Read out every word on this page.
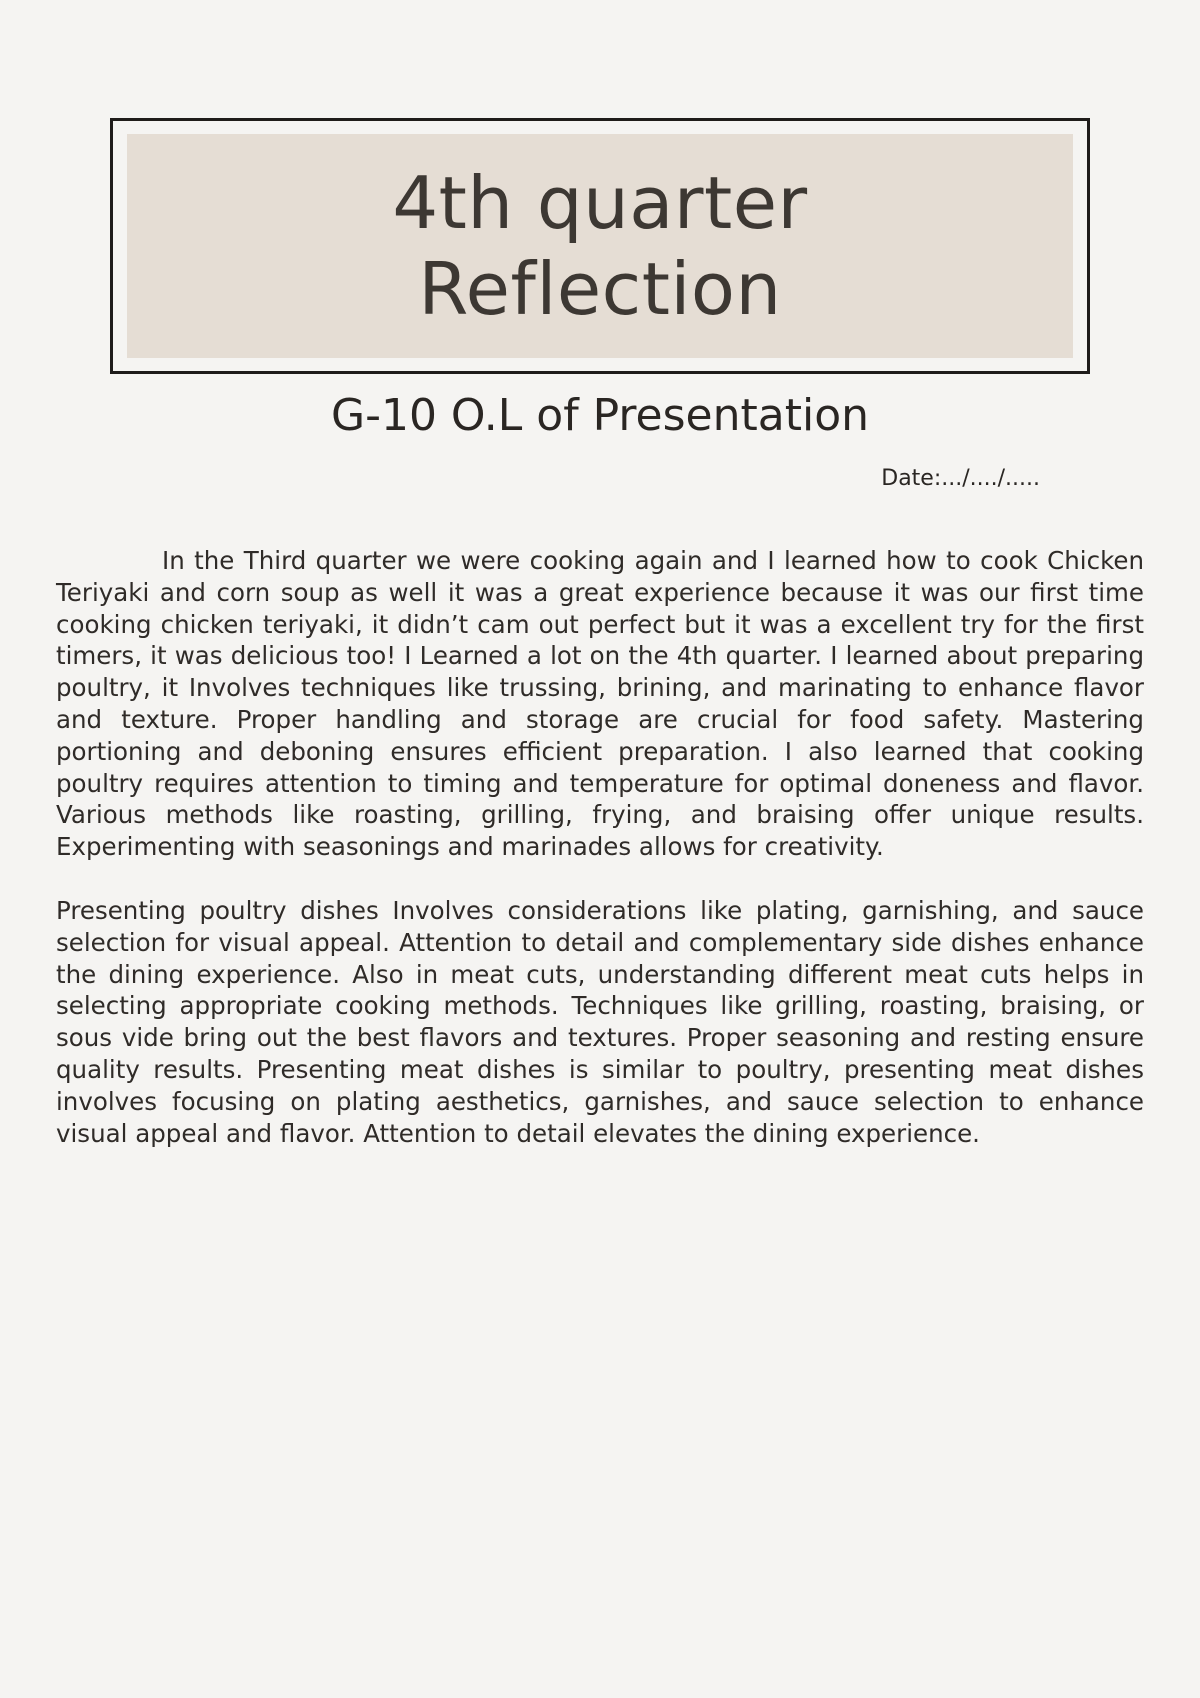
4th quarter
Reflection
G-10 O.L of Presentation
Date:.../..../.....

In the Third quarter we were cooking again and I learned how to cook Chicken Teriyaki and corn soup as well it was a great experience because it was our first time cooking chicken teriyaki, it didn’t cam out perfect but it was a excellent try for the first timers, it was delicious too! I Learned a lot on the 4th quarter. I learned about preparing poultry, it Involves techniques like trussing, brining, and marinating to enhance flavor and texture. Proper handling and storage are crucial for food safety. Mastering portioning and deboning ensures efficient preparation. I also learned that cooking poultry requires attention to timing and temperature for optimal doneness and flavor. Various methods like roasting, grilling, frying, and braising offer unique results. Experimenting with seasonings and marinades allows for creativity.

Presenting poultry dishes Involves considerations like plating, garnishing, and sauce selection for visual appeal. Attention to detail and complementary side dishes enhance the dining experience. Also in meat cuts, understanding different meat cuts helps in selecting appropriate cooking methods. Techniques like grilling, roasting, braising, or sous vide bring out the best flavors and textures. Proper seasoning and resting ensure quality results. Presenting meat dishes is similar to poultry, presenting meat dishes involves focusing on plating aesthetics, garnishes, and sauce selection to enhance visual appeal and flavor. Attention to detail elevates the dining experience.
